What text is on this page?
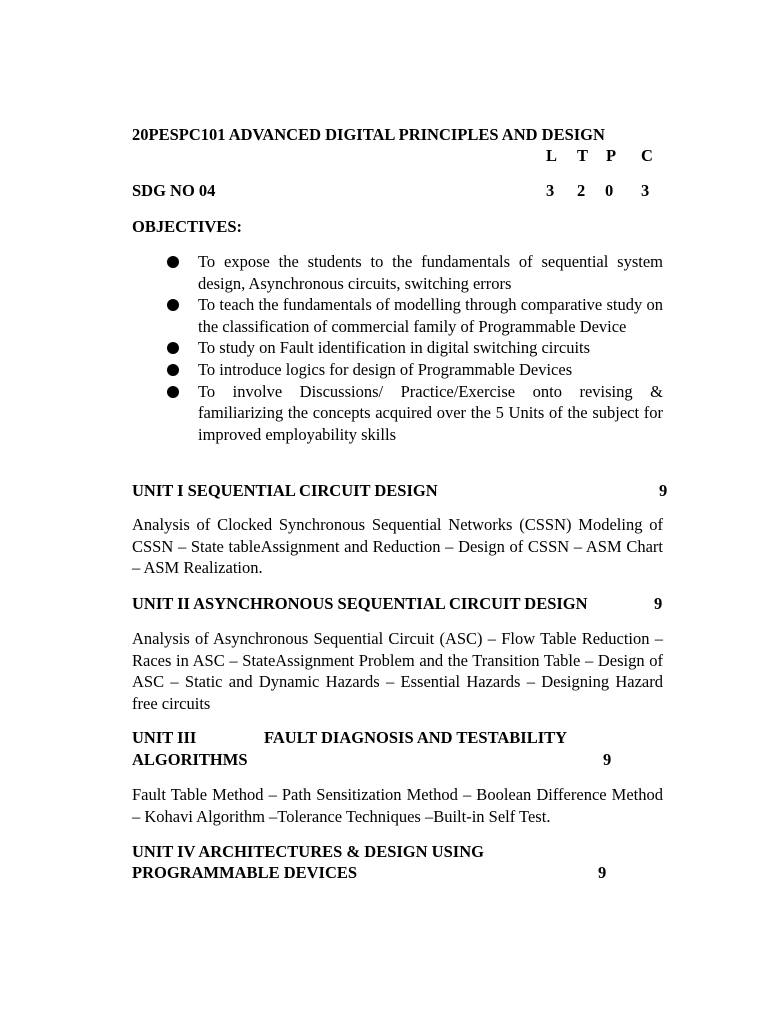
20PESPC101 ADVANCED DIGITAL PRINCIPLES AND DESIGN
L T P C
SDG NO 04	3 2 0 3
OBJECTIVES:
To expose the students to the fundamentals of sequential system design, Asynchronous circuits, switching errors
To teach the fundamentals of modelling through comparative study on the classification of commercial family of Programmable Device
To study on Fault identification in digital switching circuits
To introduce logics for design of Programmable Devices
To involve Discussions/ Practice/Exercise onto revising & familiarizing the concepts acquired over the 5 Units of the subject for improved employability skills
UNIT I SEQUENTIAL CIRCUIT DESIGN	9
Analysis of Clocked Synchronous Sequential Networks (CSSN) Modeling of CSSN – State tableAssignment and Reduction – Design of CSSN – ASM Chart – ASM Realization.
UNIT II ASYNCHRONOUS SEQUENTIAL CIRCUIT DESIGN	9
Analysis of Asynchronous Sequential Circuit (ASC) – Flow Table Reduction – Races in ASC – StateAssignment Problem and the Transition Table – Design of ASC – Static and Dynamic Hazards – Essential Hazards – Designing Hazard free circuits
UNIT III	FAULT DIAGNOSIS AND TESTABILITY
ALGORITHMS	9
Fault Table Method – Path Sensitization Method – Boolean Difference Method – Kohavi Algorithm –Tolerance Techniques –Built-in Self Test.
UNIT IV ARCHITECTURES & DESIGN USING
PROGRAMMABLE DEVICES	9
